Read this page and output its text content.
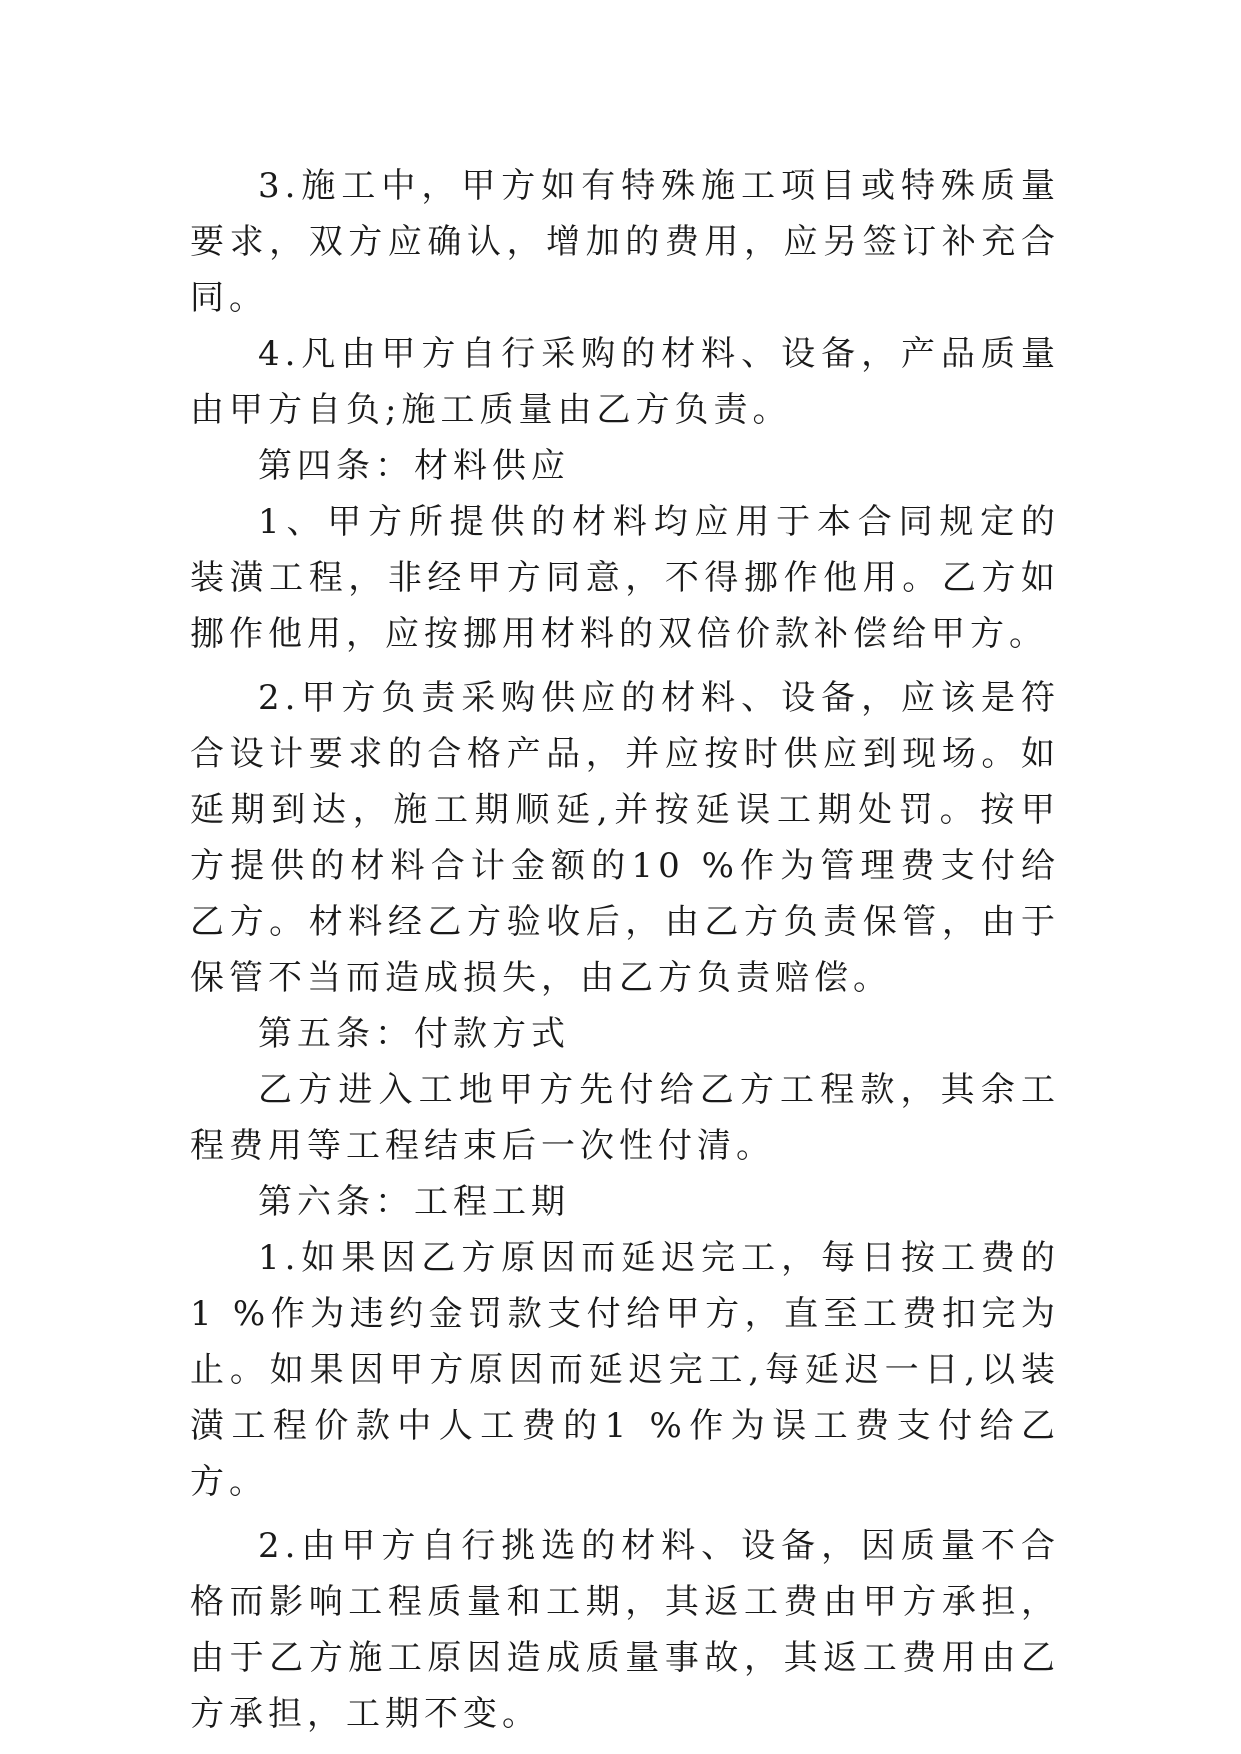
3.施工中，甲方如有特殊施工项目或特殊质量要求，双方应确认，增加的费用，应另签订补充合同。

4.凡由甲方自行采购的材料、设备，产品质量由甲方自负;施工质量由乙方负责。

第四条：材料供应

1、甲方所提供的材料均应用于本合同规定的装潢工程，非经甲方同意，不得挪作他用。乙方如挪作他用，应按挪用材料的双倍价款补偿给甲方。

2.甲方负责采购供应的材料、设备，应该是符合设计要求的合格产品，并应按时供应到现场。如延期到达，施工期顺延,并按延误工期处罚。按甲方提供的材料合计金额的10 %作为管理费支付给乙方。材料经乙方验收后，由乙方负责保管，由于保管不当而造成损失，由乙方负责赔偿。

第五条：付款方式

乙方进入工地甲方先付给乙方工程款，其余工程费用等工程结束后一次性付清。

第六条：工程工期

1.如果因乙方原因而延迟完工，每日按工费的1 %作为违约金罚款支付给甲方，直至工费扣完为止。如果因甲方原因而延迟完工,每延迟一日,以装潢工程价款中人工费的1 %作为误工费支付给乙方。

2.由甲方自行挑选的材料、设备，因质量不合格而影响工程质量和工期，其返工费由甲方承担，由于乙方施工原因造成质量事故，其返工费用由乙方承担，工期不变。
